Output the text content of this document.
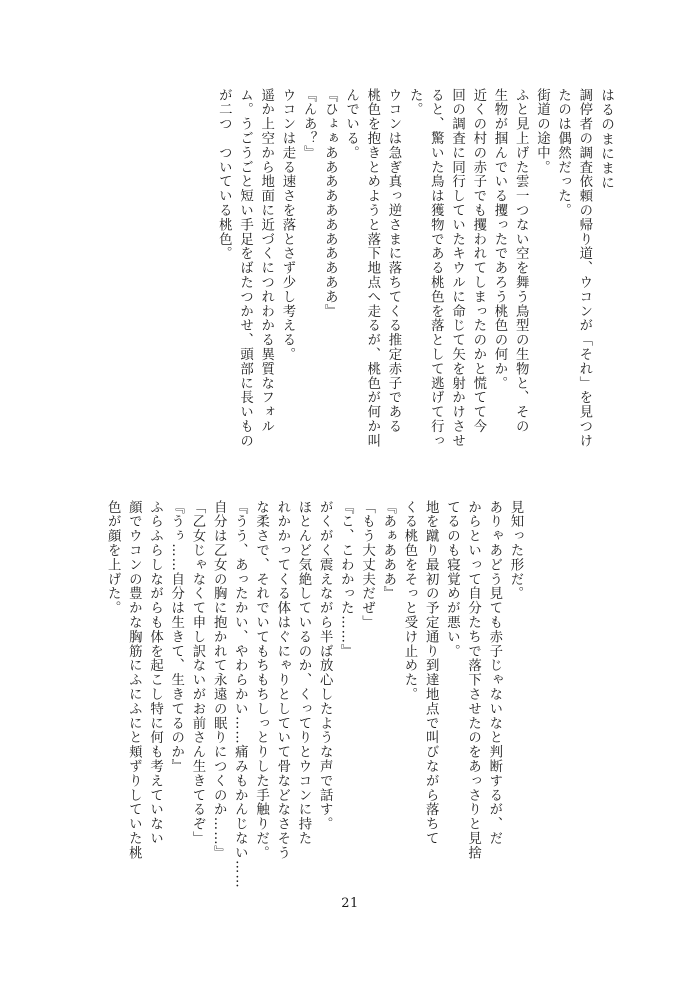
はるのまにまに
調停者の調査依頼の帰り道、ウコンが「それ」を見つけ
たのは偶然だった。
街道の途中。
ふと見上げた雲一つない空を舞う鳥型の生物と、その
生物が掴んでいる攫ったであろう桃色の何か。
近くの村の赤子でも攫われてしまったのかと慌てて今
回の調査に同行していたキウルに命じて矢を射かけさせ
ると、驚いた鳥は獲物である桃色を落として逃げて行っ
た。
ウコンは急ぎ真っ逆さまに落ちてくる推定赤子である
桃色を抱きとめようと落下地点へ走るが、桃色が何か叫
んでいる。
『ひょぁあああああああああああ』
『んあ？』
ウコンは走る速さを落とさず少し考える。
遥か上空から地面に近づくにつれわかる異質なフォル
ム。うごうごと短い手足をばたつかせ、頭部に長いもの
が二つ　ついている桃色。
見知った形だ。
ありゃあどう見ても赤子じゃないなと判断するが、だ
からといって自分たちで落下させたのをあっさりと見捨
てるのも寝覚めが悪い。
地を蹴り最初の予定通り到達地点で叫びながら落ちて
くる桃色をそっと受け止めた。
『あぁあああ』
「もう大丈夫だぜ」
『こ、こわかった……』
がくがく震えながら半ば放心したような声で話す。
ほとんど気絶しているのか、くってりとウコンに持た
れかかってくる体はぐにゃりとしていて骨などなさそう
な柔さで、それでいてもちもちしっとりした手触りだ。
『うう、あったかい、やわらかい……痛みもかんじない……
自分は乙女の胸に抱かれて永遠の眠りにつくのか……』
「乙女じゃなくて申し訳ないがお前さん生きてるぞ」
『うぅ……自分は生きて、生きてるのか』
ふらふらしながらも体を起こし特に何も考えていない
顔でウコンの豊かな胸筋にふにふにと頬ずりしていた桃
色が顔を上げた。
21
